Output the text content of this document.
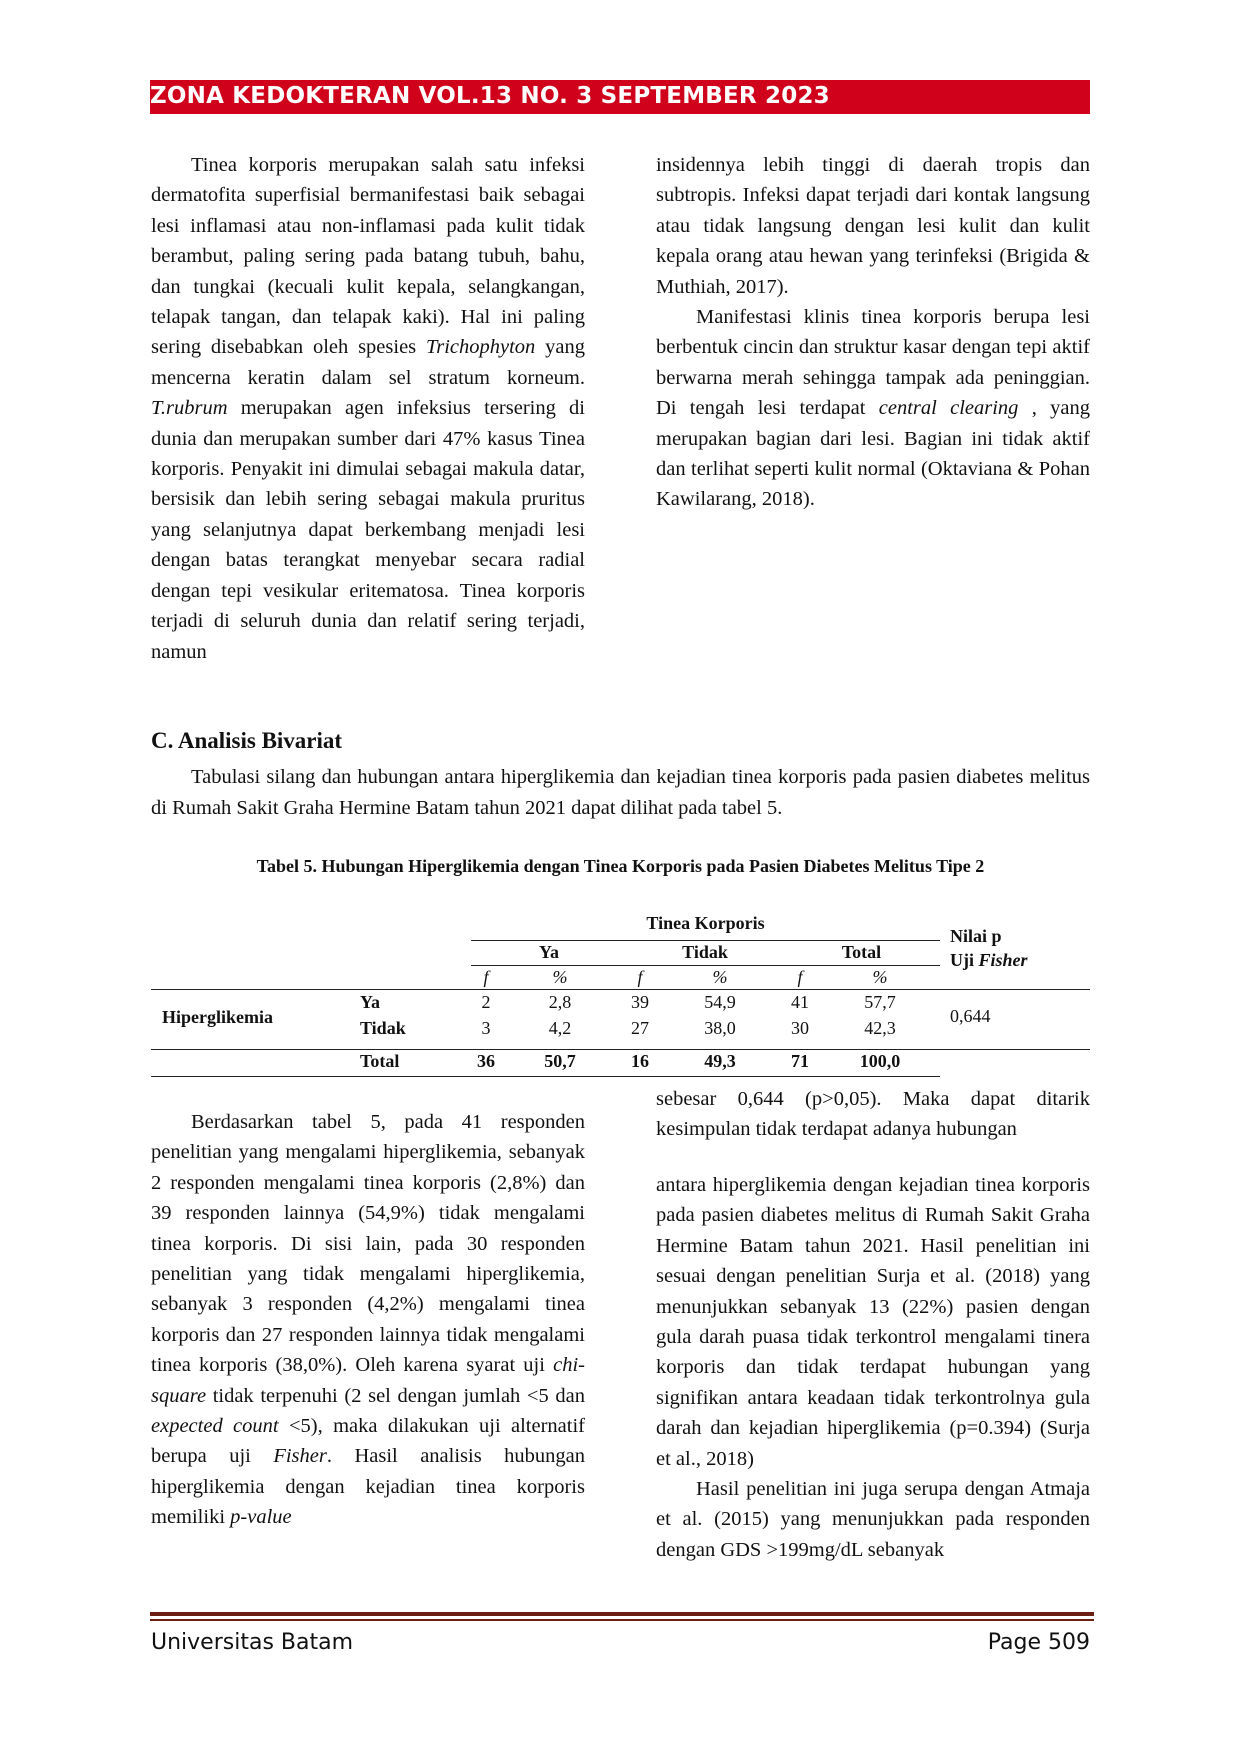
ZONA KEDOKTERAN VOL.13 NO. 3 SEPTEMBER 2023

Tinea korporis merupakan salah satu infeksi dermatofita superfisial bermanifestasi baik sebagai lesi inflamasi atau non-inflamasi pada kulit tidak berambut, paling sering pada batang tubuh, bahu, dan tungkai (kecuali kulit kepala, selangkangan, telapak tangan, dan telapak kaki). Hal ini paling sering disebabkan oleh spesies Trichophyton yang mencerna keratin dalam sel stratum korneum. T.rubrum merupakan agen infeksius tersering di dunia dan merupakan sumber dari 47% kasus Tinea korporis. Penyakit ini dimulai sebagai makula datar, bersisik dan lebih sering sebagai makula pruritus yang selanjutnya dapat berkembang menjadi lesi dengan batas terangkat menyebar secara radial dengan tepi vesikular eritematosa. Tinea korporis terjadi di seluruh dunia dan relatif sering terjadi, namun

insidennya lebih tinggi di daerah tropis dan subtropis. Infeksi dapat terjadi dari kontak langsung atau tidak langsung dengan lesi kulit dan kulit kepala orang atau hewan yang terinfeksi (Brigida & Muthiah, 2017).

Manifestasi klinis tinea korporis berupa lesi berbentuk cincin dan struktur kasar dengan tepi aktif berwarna merah sehingga tampak ada peninggian. Di tengah lesi terdapat central clearing , yang merupakan bagian dari lesi. Bagian ini tidak aktif dan terlihat seperti kulit normal (Oktaviana & Pohan Kawilarang, 2018).

C. Analisis Bivariat

Tabulasi silang dan hubungan antara hiperglikemia dan kejadian tinea korporis pada pasien diabetes melitus di Rumah Sakit Graha Hermine Batam tahun 2021 dapat dilihat pada tabel 5.

Tabel 5. Hubungan Hiperglikemia dengan Tinea Korporis pada Pasien Diabetes Melitus Tipe 2
Tinea Korporis
Nilai p
Uji Fisher
Ya	Tidak	Total
f	%	f	%	f	%
Hiperglikemia
Ya	2	2,8	39	54,9	41	57,7
Tidak	3	4,2	27	38,0	30	42,3
0,644
Total	36	50,7	16	49,3	71	100,0

Berdasarkan tabel 5, pada 41 responden penelitian yang mengalami hiperglikemia, sebanyak 2 responden mengalami tinea korporis (2,8%) dan 39 responden lainnya (54,9%) tidak mengalami tinea korporis. Di sisi lain, pada 30 responden penelitian yang tidak mengalami hiperglikemia, sebanyak 3 responden (4,2%) mengalami tinea korporis dan 27 responden lainnya tidak mengalami tinea korporis (38,0%). Oleh karena syarat uji chi-square tidak terpenuhi (2 sel dengan jumlah <5 dan expected count <5), maka dilakukan uji alternatif berupa uji Fisher. Hasil analisis hubungan hiperglikemia dengan kejadian tinea korporis memiliki p-value

sebesar 0,644 (p>0,05). Maka dapat ditarik kesimpulan tidak terdapat adanya hubungan

antara hiperglikemia dengan kejadian tinea korporis pada pasien diabetes melitus di Rumah Sakit Graha Hermine Batam tahun 2021. Hasil penelitian ini sesuai dengan penelitian Surja et al. (2018) yang menunjukkan sebanyak 13 (22%) pasien dengan gula darah puasa tidak terkontrol mengalami tinera korporis dan tidak terdapat hubungan yang signifikan antara keadaan tidak terkontrolnya gula darah dan kejadian hiperglikemia (p=0.394) (Surja et al., 2018)

Hasil penelitian ini juga serupa dengan Atmaja et al. (2015) yang menunjukkan pada responden dengan GDS >199mg/dL sebanyak

Universitas Batam	Page 509
